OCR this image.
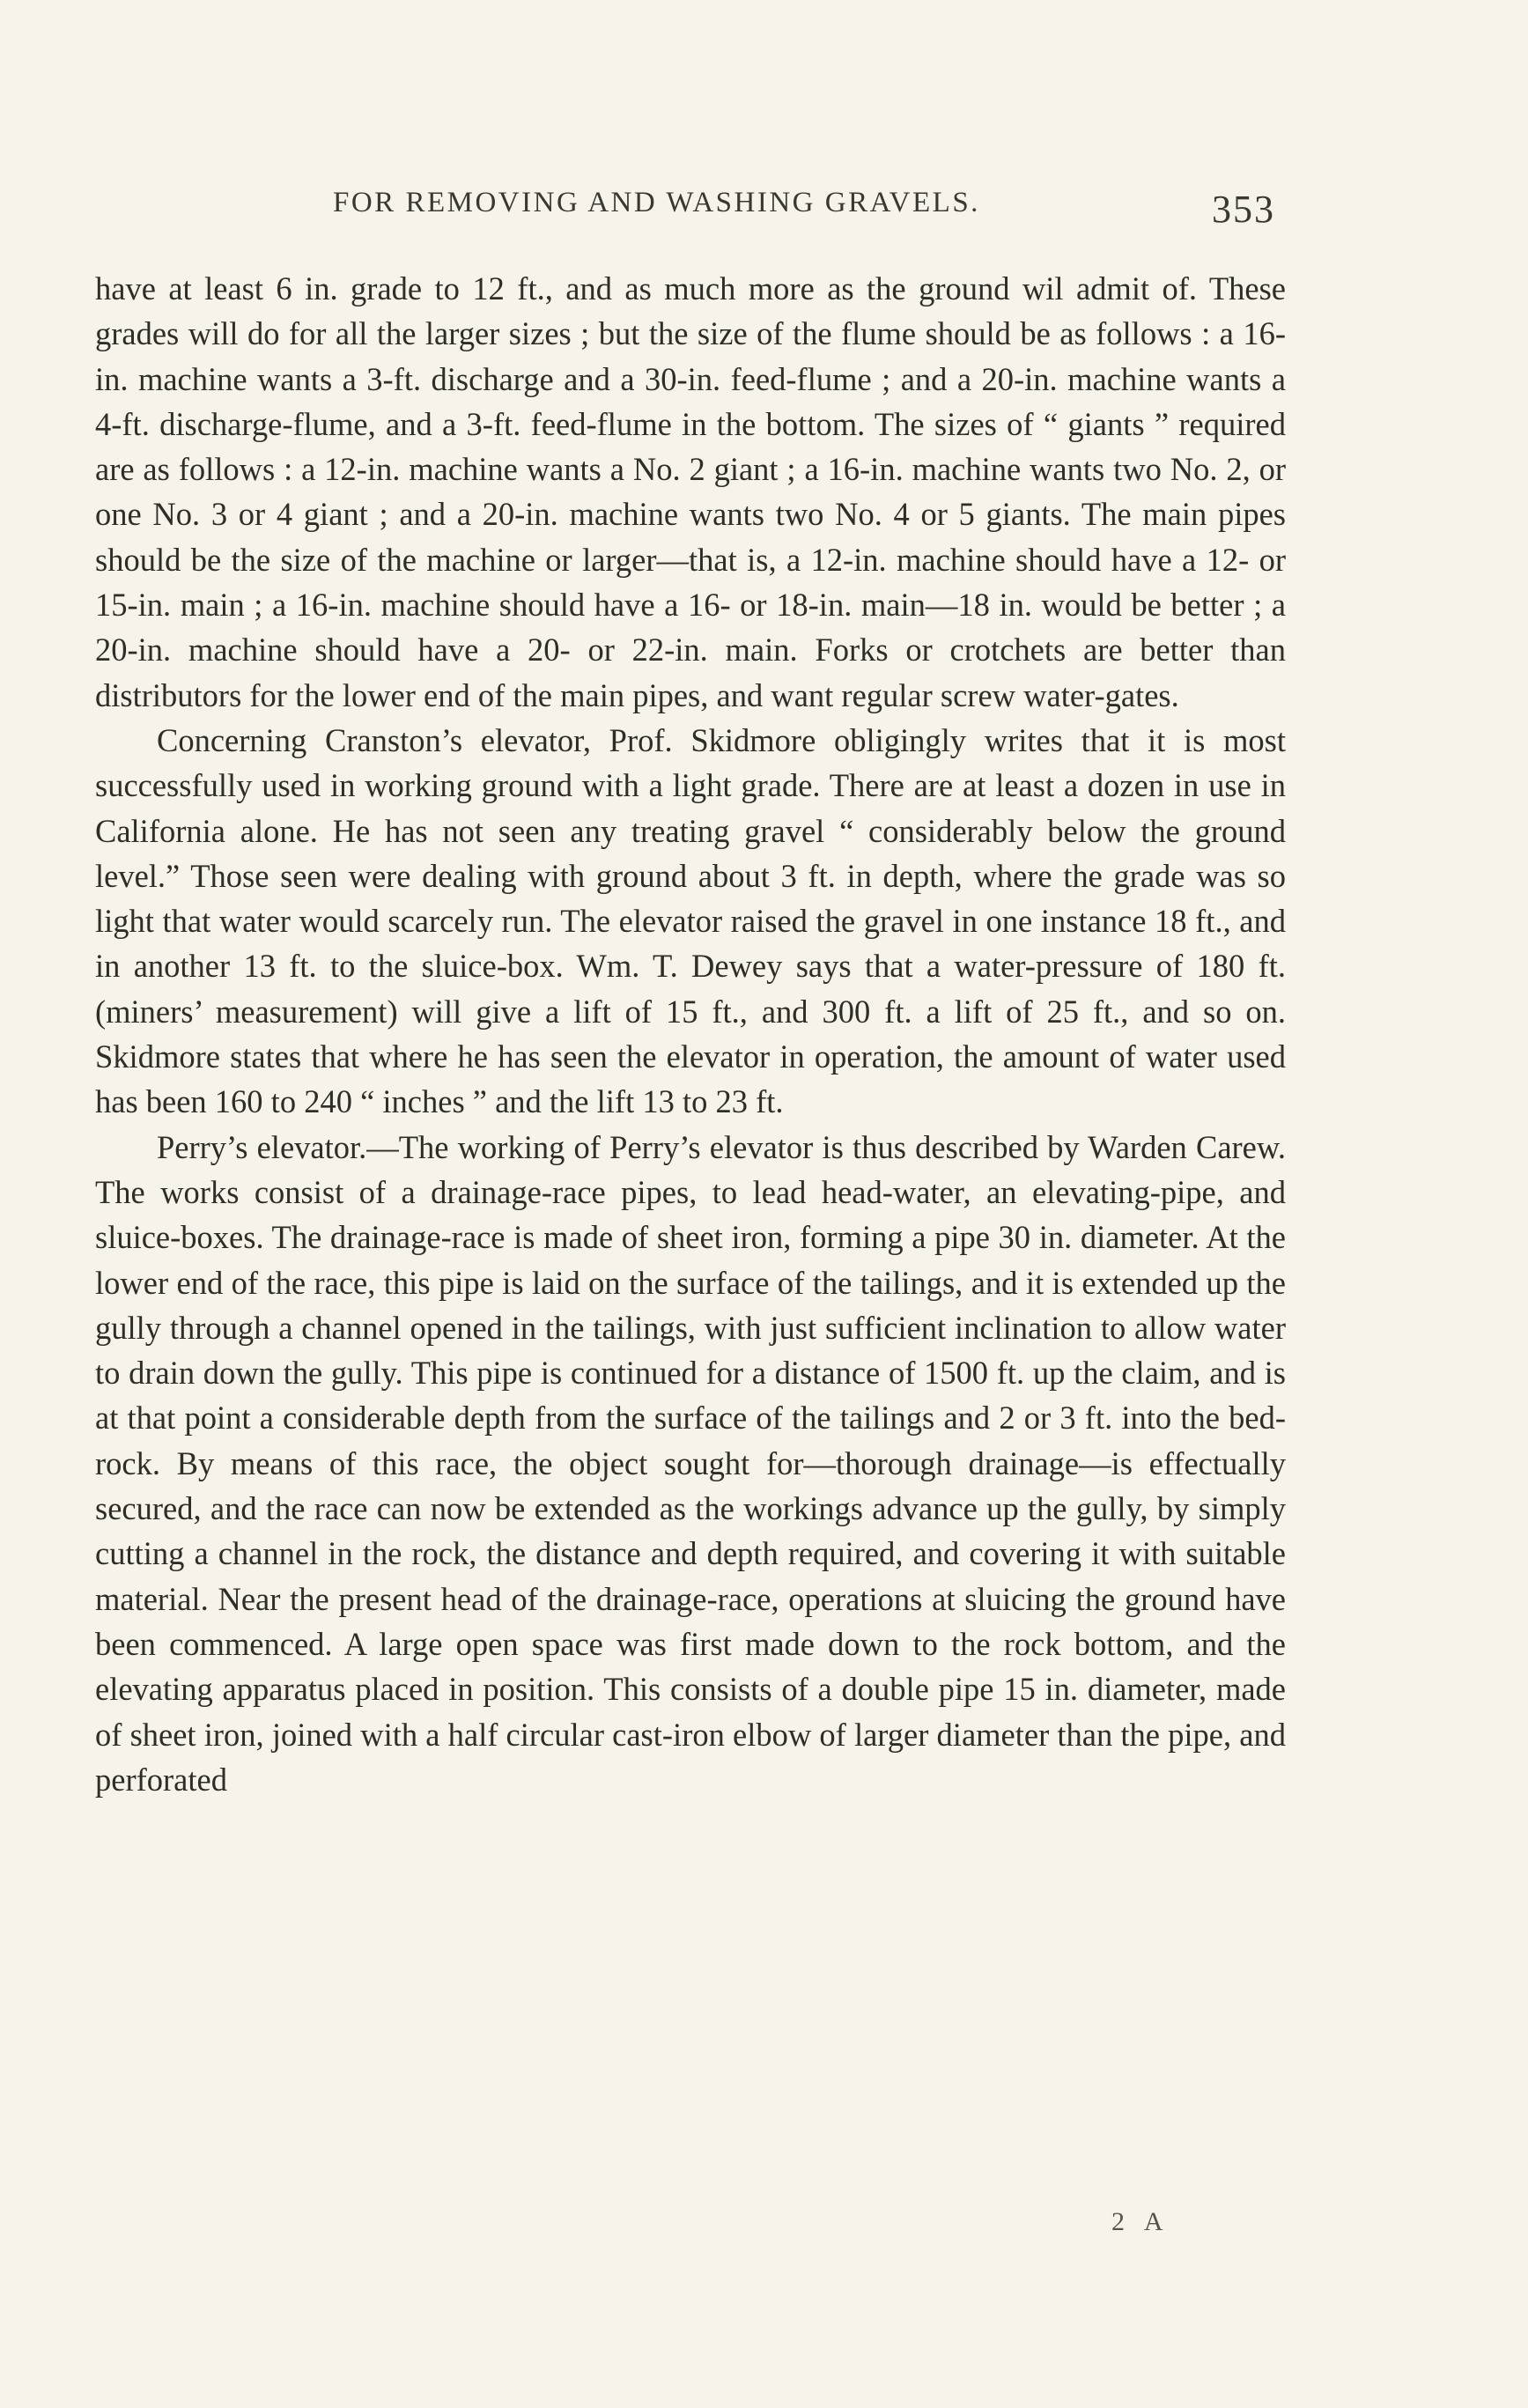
FOR REMOVING AND WASHING GRAVELS.	353

have at least 6 in. grade to 12 ft., and as much more as the ground wil admit of. These grades will do for all the larger sizes ; but the size of the flume should be as follows : a 16-in. machine wants a 3-ft. discharge and a 30-in. feed-flume ; and a 20-in. machine wants a 4-ft. discharge-flume, and a 3-ft. feed-flume in the bottom. The sizes of “ giants ” required are as follows : a 12-in. machine wants a No. 2 giant ; a 16-in. machine wants two No. 2, or one No. 3 or 4 giant ; and a 20-in. machine wants two No. 4 or 5 giants. The main pipes should be the size of the machine or larger—that is, a 12-in. machine should have a 12- or 15-in. main ; a 16-in. machine should have a 16- or 18-in. main—18 in. would be better ; a 20-in. machine should have a 20- or 22-in. main. Forks or crotchets are better than distributors for the lower end of the main pipes, and want regular screw water-gates.

Concerning Cranston’s elevator, Prof. Skidmore obligingly writes that it is most successfully used in working ground with a light grade. There are at least a dozen in use in California alone. He has not seen any treating gravel “ considerably below the ground level.” Those seen were dealing with ground about 3 ft. in depth, where the grade was so light that water would scarcely run. The elevator raised the gravel in one instance 18 ft., and in another 13 ft. to the sluice-box. Wm. T. Dewey says that a water-pressure of 180 ft. (miners’ measurement) will give a lift of 15 ft., and 300 ft. a lift of 25 ft., and so on. Skidmore states that where he has seen the elevator in operation, the amount of water used has been 160 to 240 “ inches ” and the lift 13 to 23 ft.

Perry’s elevator.—The working of Perry’s elevator is thus described by Warden Carew. The works consist of a drainage-race pipes, to lead head-water, an elevating-pipe, and sluice-boxes. The drainage-race is made of sheet iron, forming a pipe 30 in. diameter. At the lower end of the race, this pipe is laid on the surface of the tailings, and it is extended up the gully through a channel opened in the tailings, with just sufficient inclination to allow water to drain down the gully. This pipe is continued for a distance of 1500 ft. up the claim, and is at that point a considerable depth from the surface of the tailings and 2 or 3 ft. into the bed-rock. By means of this race, the object sought for—thorough drainage—is effectually secured, and the race can now be extended as the workings advance up the gully, by simply cutting a channel in the rock, the distance and depth required, and covering it with suitable material. Near the present head of the drainage-race, operations at sluicing the ground have been commenced. A large open space was first made down to the rock bottom, and the elevating apparatus placed in position. This consists of a double pipe 15 in. diameter, made of sheet iron, joined with a half circular cast-iron elbow of larger diameter than the pipe, and perforated

2 A
